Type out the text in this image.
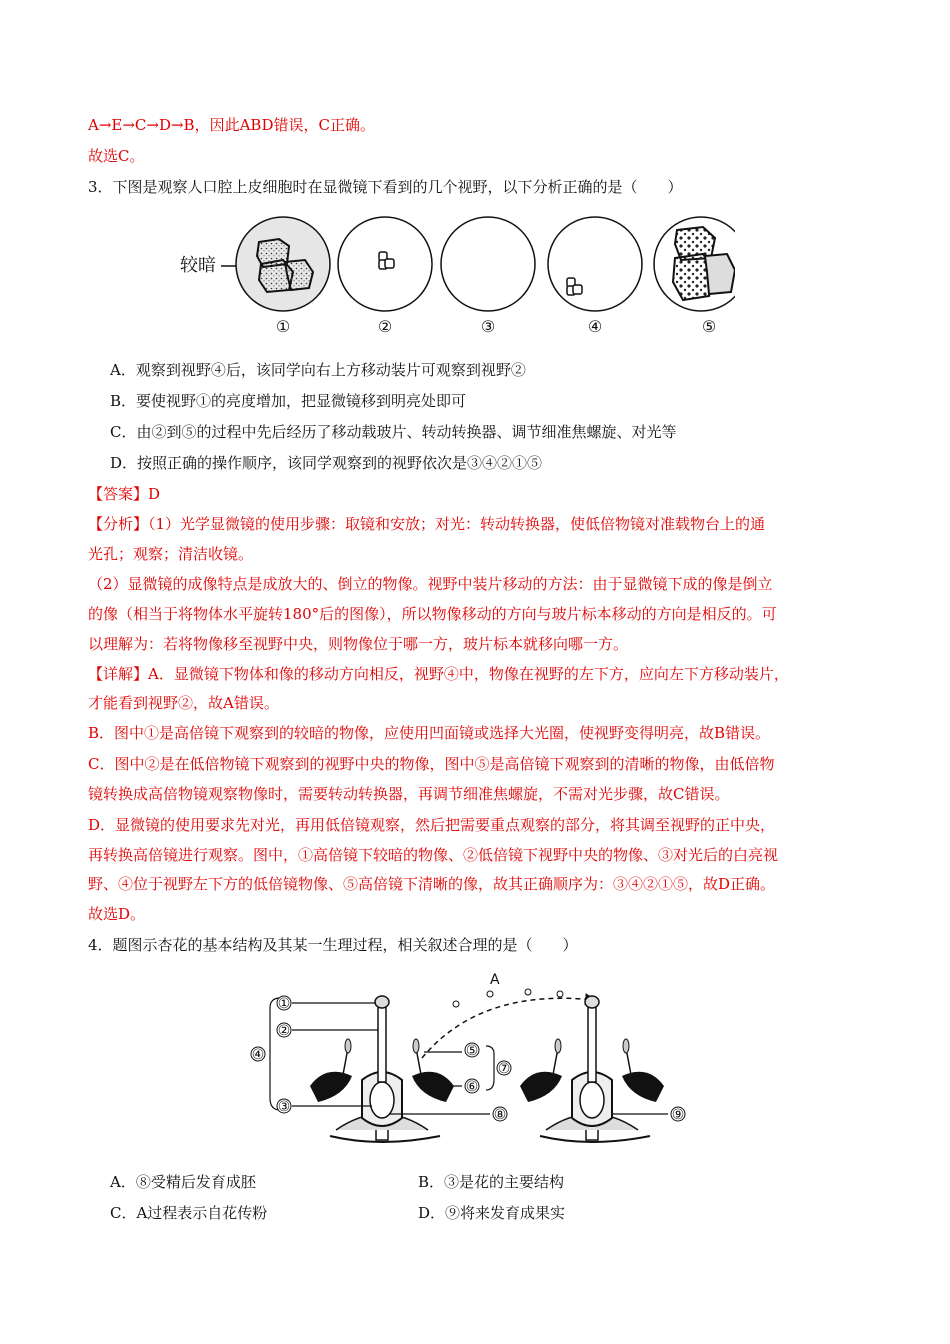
A→E→C→D→B，因此ABD错误，C正确。
故选C。
3．下图是观察人口腔上皮细胞时在显微镜下看到的几个视野，以下分析正确的是（　　）
较暗
①	②	③	④	⑤
A．观察到视野④后，该同学向右上方移动装片可观察到视野②
B．要使视野①的亮度增加，把显微镜移到明亮处即可
C．由②到⑤的过程中先后经历了移动载玻片、转动转换器、调节细准焦螺旋、对光等
D．按照正确的操作顺序，该同学观察到的视野依次是③④②①⑤
【答案】D
【分析】（1）光学显微镜的使用步骤：取镜和安放；对光：转动转换器，使低倍物镜对准载物台上的通
光孔；观察；清洁收镜。
（2）显微镜的成像特点是成放大的、倒立的物像。视野中装片移动的方法：由于显微镜下成的像是倒立
的像（相当于将物体水平旋转180°后的图像），所以物像移动的方向与玻片标本移动的方向是相反的。可
以理解为：若将物像移至视野中央，则物像位于哪一方，玻片标本就移向哪一方。
【详解】A．显微镜下物体和像的移动方向相反，视野④中，物像在视野的左下方，应向左下方移动装片，
才能看到视野②，故A错误。
B．图中①是高倍镜下观察到的较暗的物像，应使用凹面镜或选择大光圈，使视野变得明亮，故B错误。
C．图中②是在低倍物镜下观察到的视野中央的物像，图中⑤是高倍镜下观察到的清晰的物像，由低倍物
镜转换成高倍物镜观察物像时，需要转动转换器，再调节细准焦螺旋，不需对光步骤，故C错误。
D．显微镜的使用要求先对光，再用低倍镜观察，然后把需要重点观察的部分，将其调至视野的正中央，
再转换高倍镜进行观察。图中，①高倍镜下较暗的物像、②低倍镜下视野中央的物像、③对光后的白亮视
野、④位于视野左下方的低倍镜物像、⑤高倍镜下清晰的像，故其正确顺序为：③④②①⑤，故D正确。
故选D。
4．题图示杏花的基本结构及其某一生理过程，相关叙述合理的是（　　）
A
①
②
③
④	⑤
⑥
⑦
⑧	⑨
A．⑧受精后发育成胚	B．③是花的主要结构
C．A过程表示自花传粉	D．⑨将来发育成果实
